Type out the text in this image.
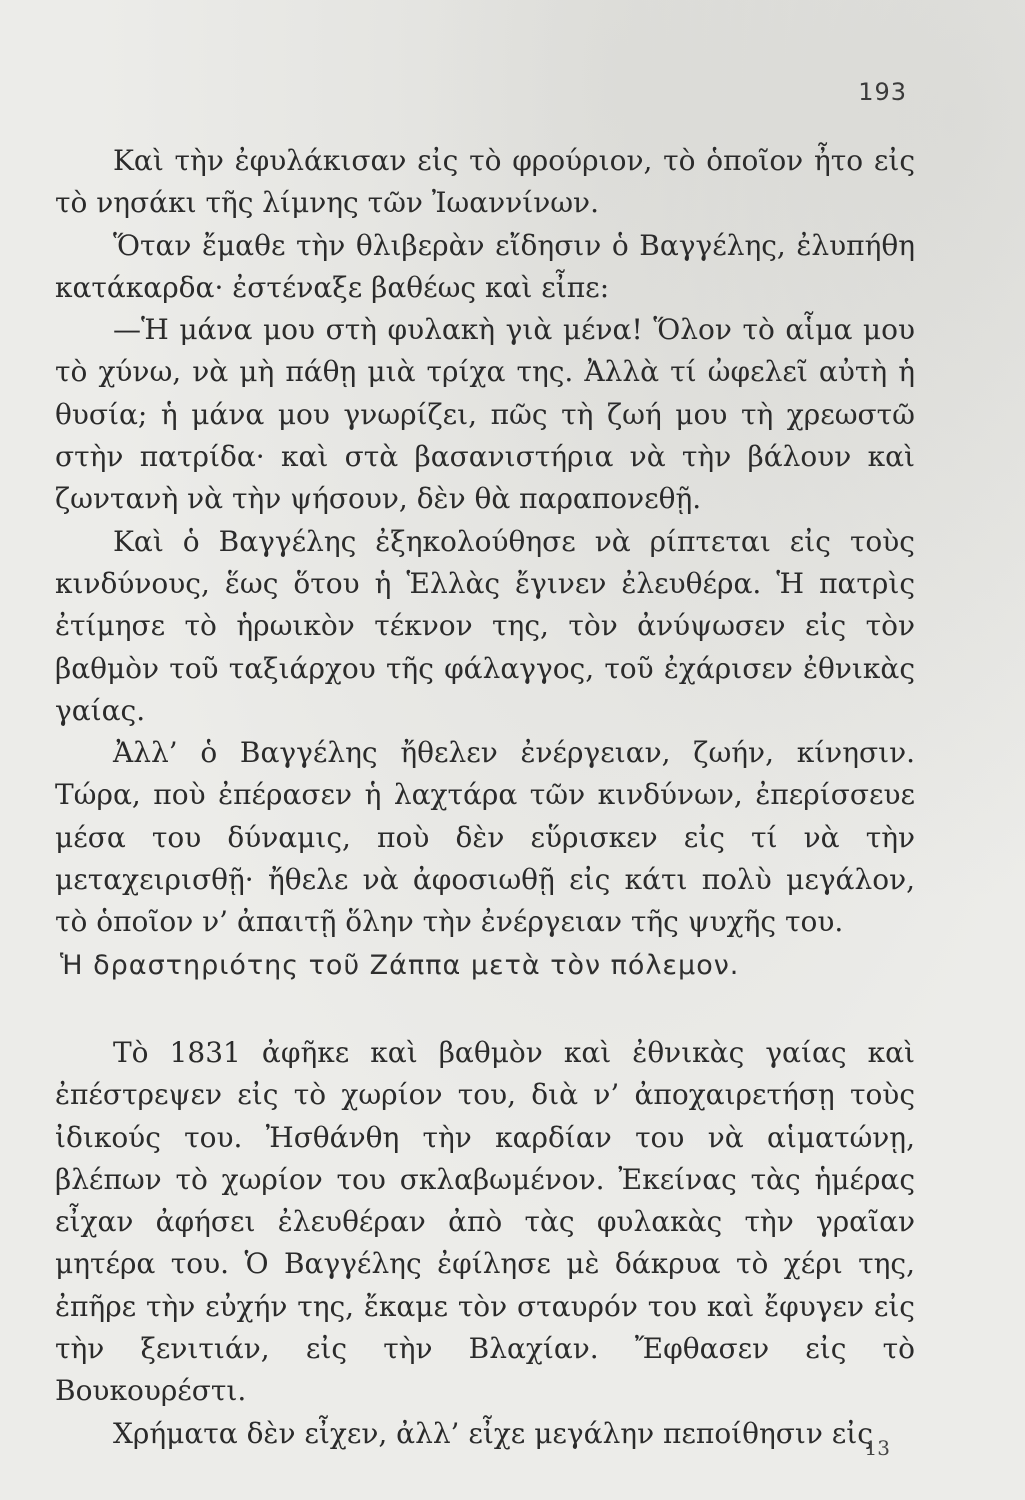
193

Καὶ τὴν ἐφυλάκισαν εἰς τὸ φρούριον, τὸ ὁποῖον ἦτο εἰς τὸ νησάκι τῆς λίμνης τῶν Ἰωαννίνων.

Ὅταν ἔμαθε τὴν θλιβερὰν εἴδησιν ὁ Βαγγέλης, ἐλυπήθη κατάκαρδα· ἐστέναξε βαθέως καὶ εἶπε:

—Ἡ μάνα μου στὴ φυλακὴ γιὰ μένα! Ὅλον τὸ αἷμα μου τὸ χύνω, νὰ μὴ πάθῃ μιὰ τρίχα της. Ἀλλὰ τί ὠφελεῖ αὐτὴ ἡ θυσία; ἡ μάνα μου γνωρίζει, πῶς τὴ ζωή μου τὴ χρεωστῶ στὴν πατρίδα· καὶ στὰ βασανιστήρια νὰ τὴν βάλουν καὶ ζωντανὴ νὰ τὴν ψήσουν, δὲν θὰ παραπονεθῇ.

Καὶ ὁ Βαγγέλης ἐξηκολούθησε νὰ ρίπτεται εἰς τοὺς κινδύνους, ἕως ὅτου ἡ Ἑλλὰς ἔγινεν ἐλευθέρα. Ἡ πατρὶς ἐτίμησε τὸ ἡρωικὸν τέκνον της, τὸν ἀνύψωσεν εἰς τὸν βαθμὸν τοῦ ταξιάρχου τῆς φάλαγγος, τοῦ ἐχάρισεν ἐθνικὰς γαίας.

Ἀλλ’ ὁ Βαγγέλης ἤθελεν ἐνέργειαν, ζωήν, κίνησιν. Τώρα, ποὺ ἐπέρασεν ἡ λαχτάρα τῶν κινδύνων, ἐπερίσσευε μέσα του δύναμις, ποὺ δὲν εὕρισκεν εἰς τί νὰ τὴν μεταχειρισθῇ· ἤθελε νὰ ἀφοσιωθῇ εἰς κάτι πολὺ μεγάλον, τὸ ὁποῖον ν’ ἀπαιτῇ ὅλην τὴν ἐνέργειαν τῆς ψυχῆς του.

Ἡ δραστηριότης τοῦ Ζάππα μετὰ τὸν πόλεμον.

Τὸ 1831 ἀφῆκε καὶ βαθμὸν καὶ ἐθνικὰς γαίας καὶ ἐπέστρεψεν εἰς τὸ χωρίον του, διὰ ν’ ἀποχαιρετήσῃ τοὺς ἰδικούς του. Ἠσθάνθη τὴν καρδίαν του νὰ αἱματώνῃ, βλέπων τὸ χωρίον του σκλαβωμένον. Ἐκείνας τὰς ἡμέρας εἶχαν ἀφήσει ἐλευθέραν ἀπὸ τὰς φυλακὰς τὴν γραῖαν μητέρα του. Ὁ Βαγγέλης ἐφίλησε μὲ δάκρυα τὸ χέρι της, ἐπῆρε τὴν εὐχήν της, ἔκαμε τὸν σταυρόν του καὶ ἔφυγεν εἰς τὴν ξενιτιάν, εἰς τὴν Βλαχίαν. Ἔφθασεν εἰς τὸ Βουκουρέστι.

Χρήματα δὲν εἶχεν, ἀλλ’ εἶχε μεγάλην πεποίθησιν εἰς

13
